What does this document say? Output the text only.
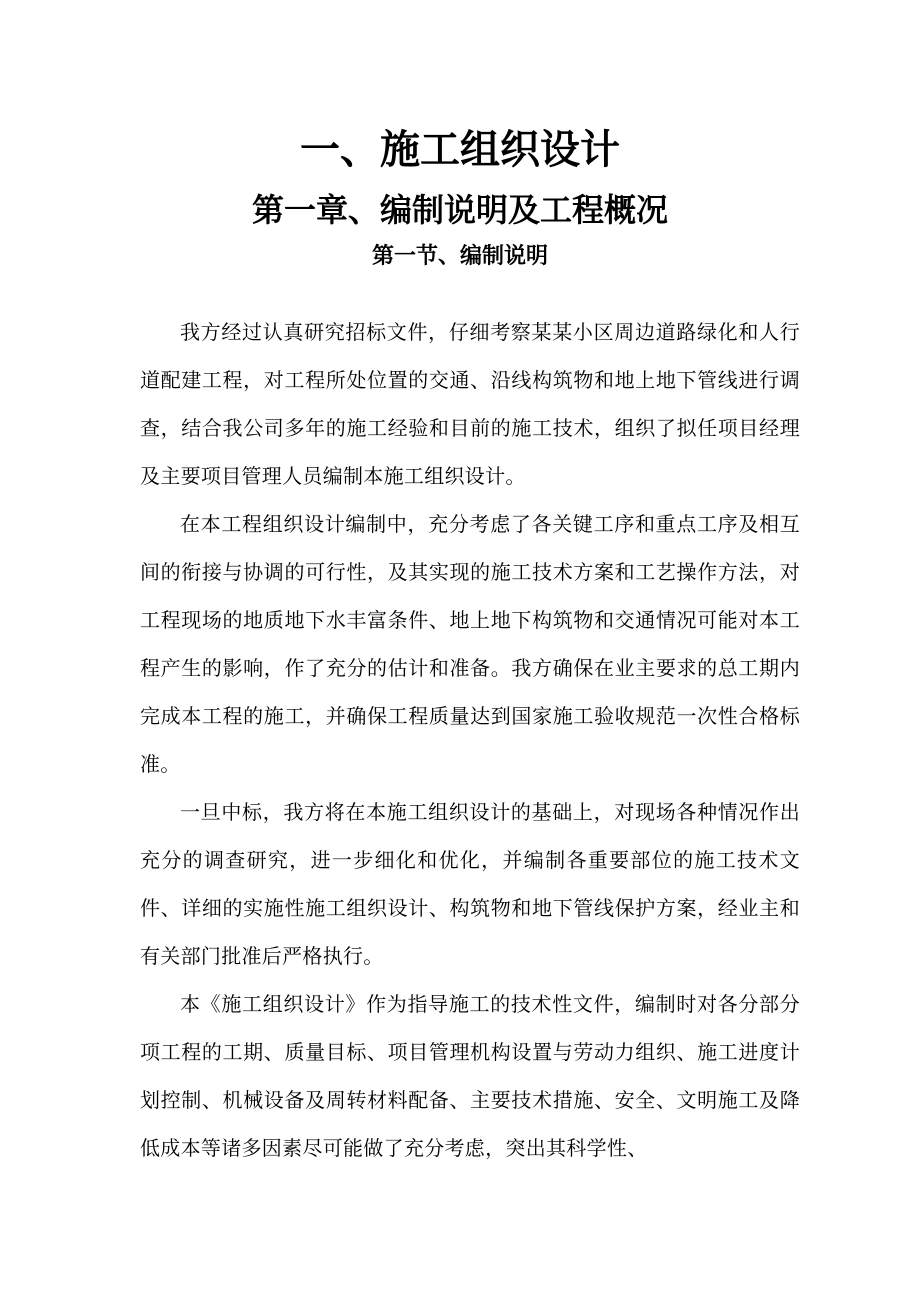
一、施工组织设计
第一章、编制说明及工程概况
第一节、编制说明

我方经过认真研究招标文件，仔细考察某某小区周边道路绿化和人行道配建工程，对工程所处位置的交通、沿线构筑物和地上地下管线进行调查，结合我公司多年的施工经验和目前的施工技术，组织了拟任项目经理及主要项目管理人员编制本施工组织设计。

在本工程组织设计编制中，充分考虑了各关键工序和重点工序及相互间的衔接与协调的可行性，及其实现的施工技术方案和工艺操作方法，对工程现场的地质地下水丰富条件、地上地下构筑物和交通情况可能对本工程产生的影响，作了充分的估计和准备。我方确保在业主要求的总工期内完成本工程的施工，并确保工程质量达到国家施工验收规范一次性合格标准。

一旦中标，我方将在本施工组织设计的基础上，对现场各种情况作出充分的调查研究，进一步细化和优化，并编制各重要部位的施工技术文件、详细的实施性施工组织设计、构筑物和地下管线保护方案，经业主和有关部门批准后严格执行。

本《施工组织设计》作为指导施工的技术性文件，编制时对各分部分项工程的工期、质量目标、项目管理机构设置与劳动力组织、施工进度计划控制、机械设备及周转材料配备、主要技术措施、安全、文明施工及降低成本等诸多因素尽可能做了充分考虑，突出其科学性、
